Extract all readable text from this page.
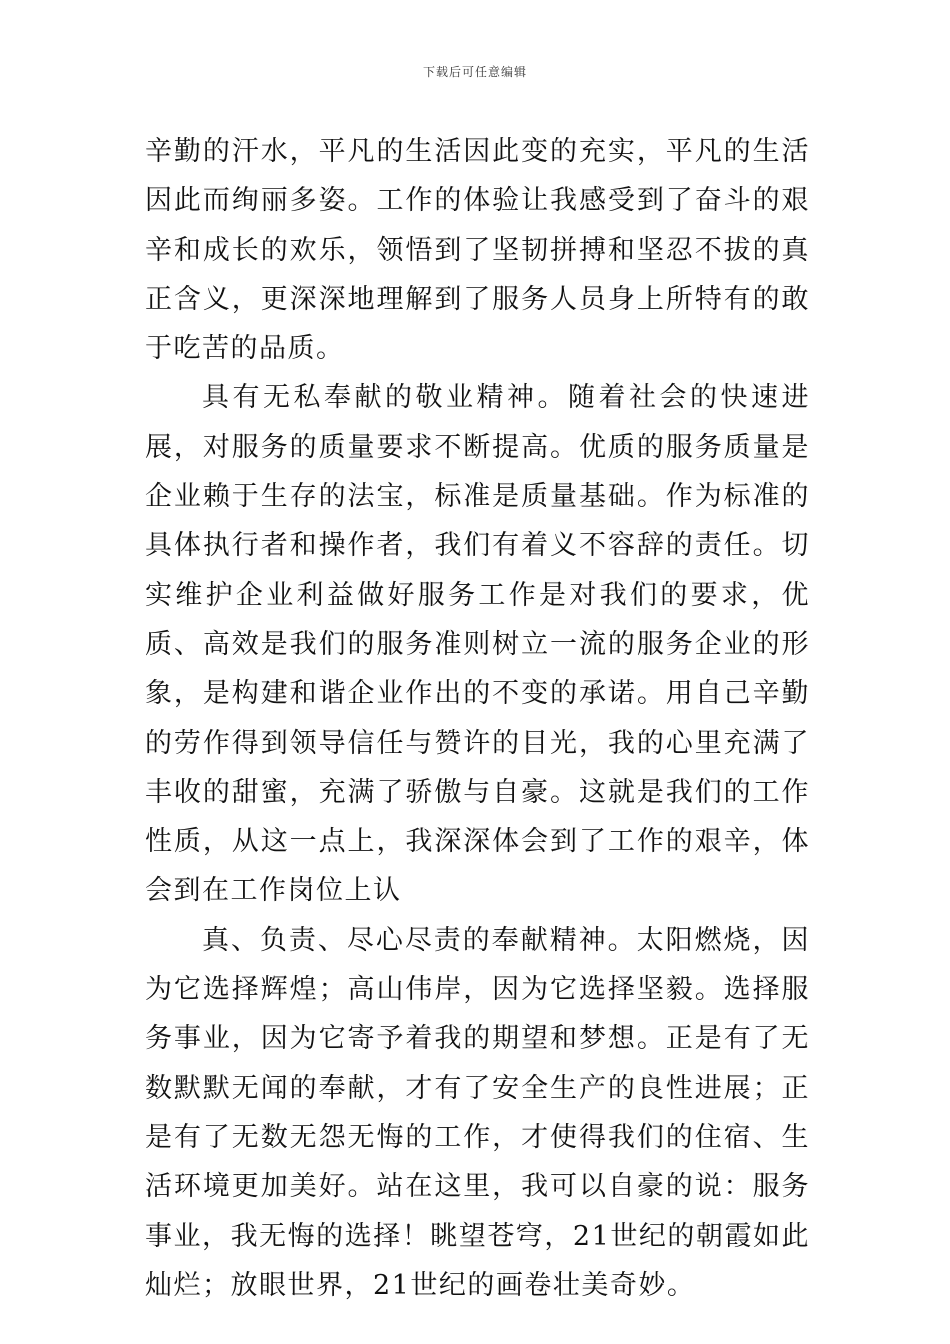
下载后可任意编辑

辛勤的汗水，平凡的生活因此变的充实，平凡的生活因此而绚丽多姿。工作的体验让我感受到了奋斗的艰辛和成长的欢乐，领悟到了坚韧拼搏和坚忍不拔的真正含义，更深深地理解到了服务人员身上所特有的敢于吃苦的品质。

具有无私奉献的敬业精神。随着社会的快速进展，对服务的质量要求不断提高。优质的服务质量是企业赖于生存的法宝，标准是质量基础。作为标准的具体执行者和操作者，我们有着义不容辞的责任。切实维护企业利益做好服务工作是对我们的要求，优质、高效是我们的服务准则树立一流的服务企业的形象，是构建和谐企业作出的不变的承诺。用自己辛勤的劳作得到领导信任与赞许的目光，我的心里充满了丰收的甜蜜，充满了骄傲与自豪。这就是我们的工作性质，从这一点上，我深深体会到了工作的艰辛，体会到在工作岗位上认

真、负责、尽心尽责的奉献精神。太阳燃烧，因为它选择辉煌；高山伟岸，因为它选择坚毅。选择服务事业，因为它寄予着我的期望和梦想。正是有了无数默默无闻的奉献，才有了安全生产的良性进展；正是有了无数无怨无悔的工作，才使得我们的住宿、生活环境更加美好。站在这里，我可以自豪的说：服务事业，我无悔的选择！眺望苍穹，21世纪的朝霞如此灿烂；放眼世界，21世纪的画卷壮美奇妙。
